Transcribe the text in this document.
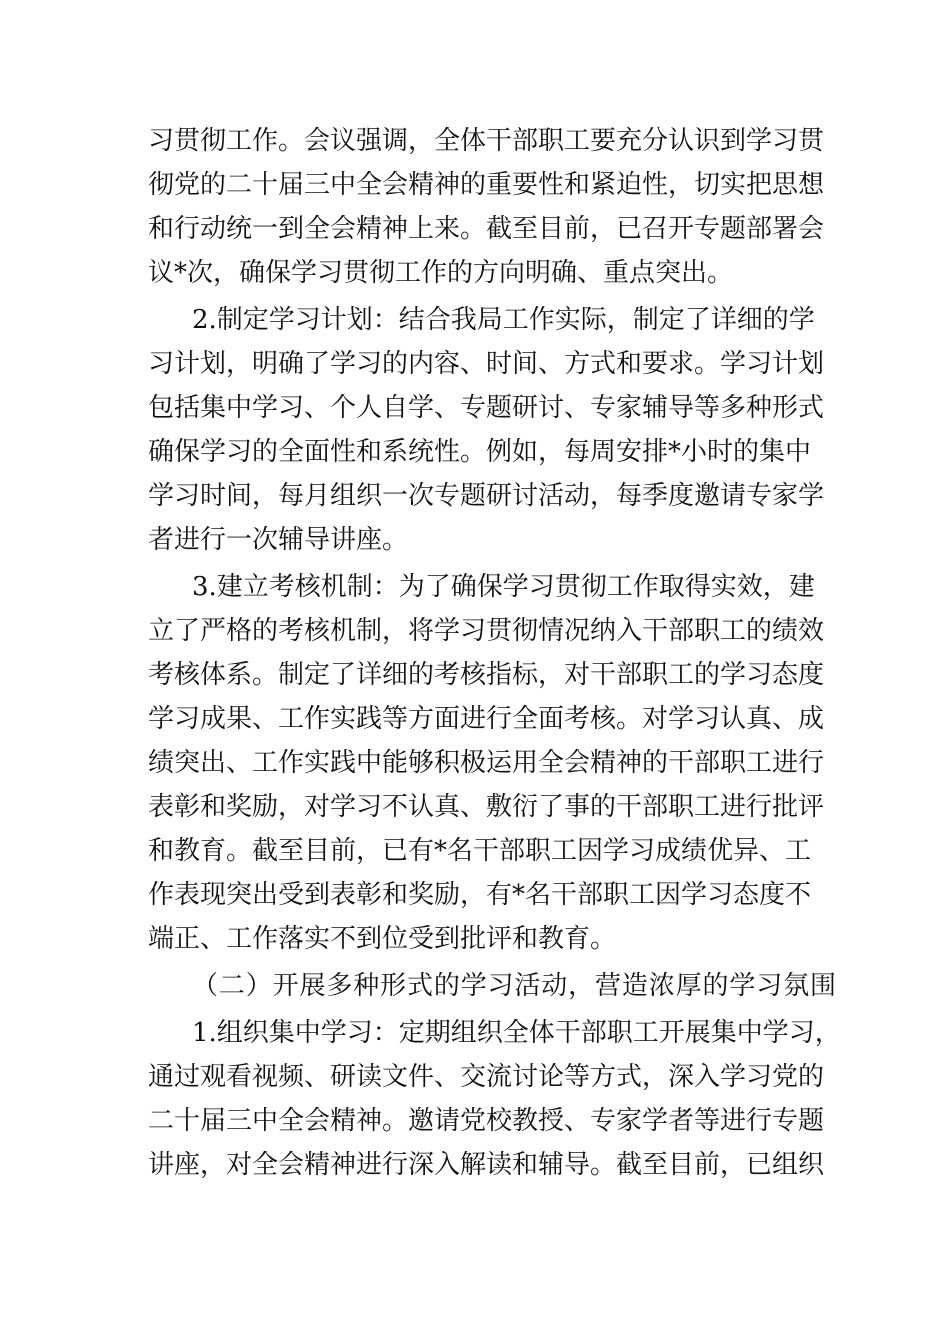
习贯彻工作。会议强调，全体干部职工要充分认识到学习贯
彻党的二十届三中全会精神的重要性和紧迫性，切实把思想
和行动统一到全会精神上来。截至目前，已召开专题部署会
议*次，确保学习贯彻工作的方向明确、重点突出。
2.制定学习计划：结合我局工作实际，制定了详细的学
习计划，明确了学习的内容、时间、方式和要求。学习计划
包括集中学习、个人自学、专题研讨、专家辅导等多种形式
确保学习的全面性和系统性。例如，每周安排*小时的集中
学习时间，每月组织一次专题研讨活动，每季度邀请专家学
者进行一次辅导讲座。
3.建立考核机制：为了确保学习贯彻工作取得实效，建
立了严格的考核机制，将学习贯彻情况纳入干部职工的绩效
考核体系。制定了详细的考核指标，对干部职工的学习态度
学习成果、工作实践等方面进行全面考核。对学习认真、成
绩突出、工作实践中能够积极运用全会精神的干部职工进行
表彰和奖励，对学习不认真、敷衍了事的干部职工进行批评
和教育。截至目前，已有*名干部职工因学习成绩优异、工
作表现突出受到表彰和奖励，有*名干部职工因学习态度不
端正、工作落实不到位受到批评和教育。
（二）开展多种形式的学习活动，营造浓厚的学习氛围
1.组织集中学习：定期组织全体干部职工开展集中学习，
通过观看视频、研读文件、交流讨论等方式，深入学习党的
二十届三中全会精神。邀请党校教授、专家学者等进行专题
讲座，对全会精神进行深入解读和辅导。截至目前，已组织
